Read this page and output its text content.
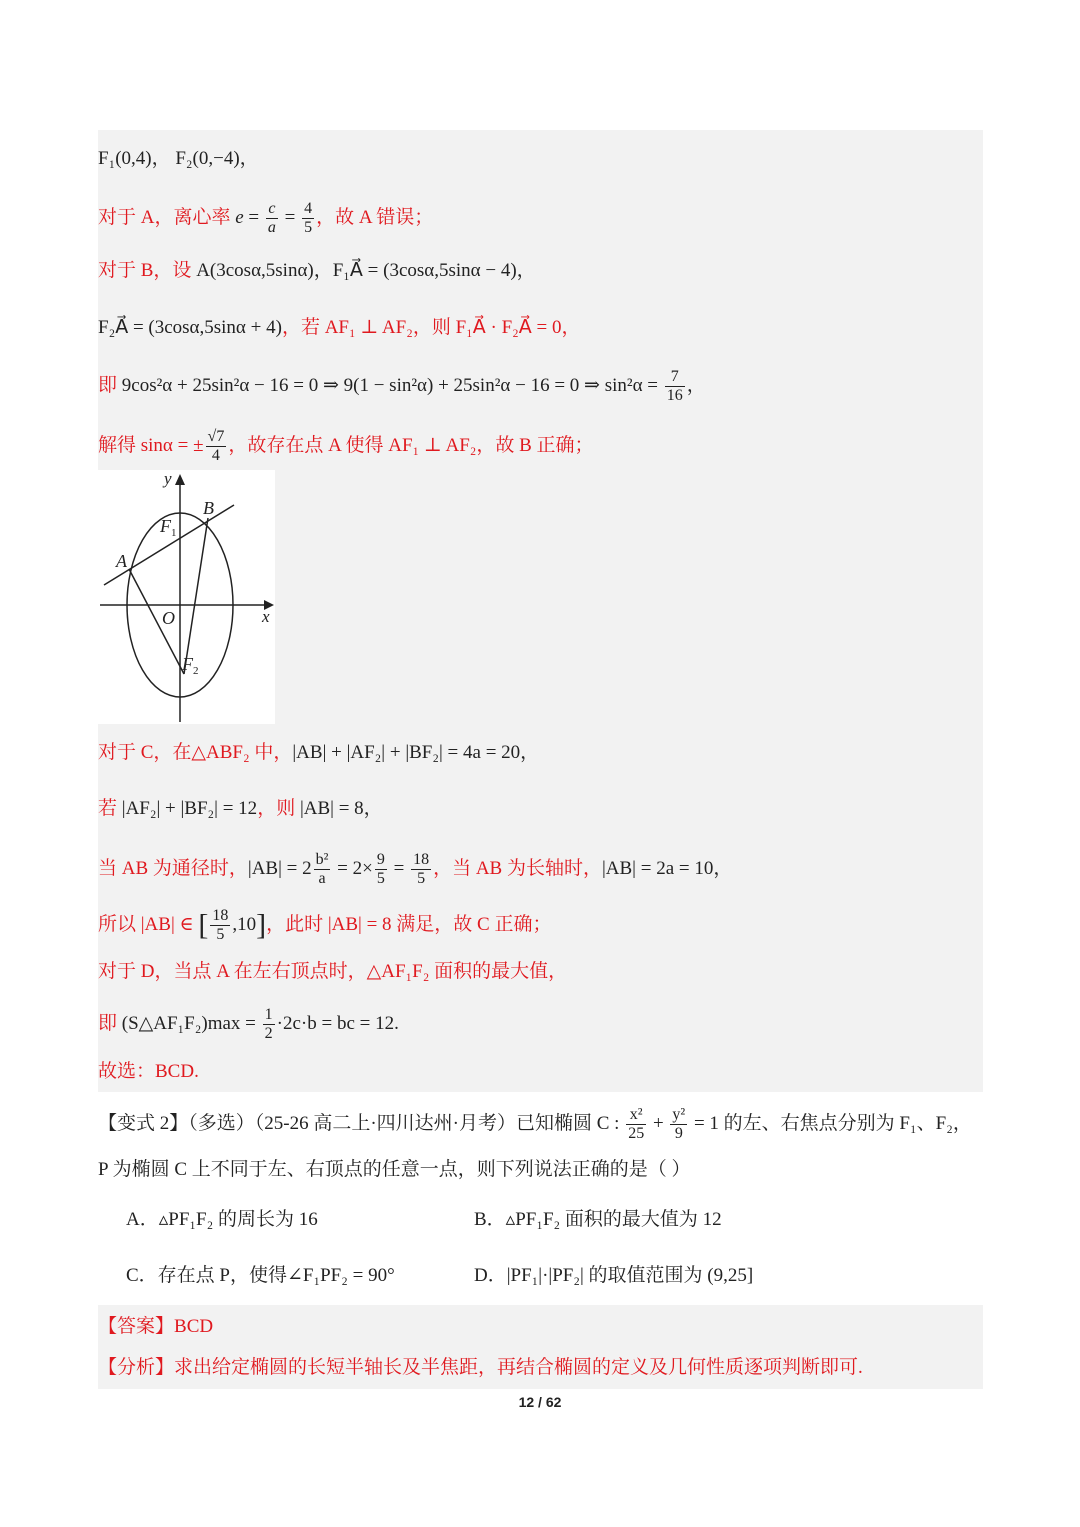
F₁(0,4)， F₂(0,−4)，
对于 A，离心率 $e = \frac{c}{a} = \frac{4}{5}$ ，故 A 错误；
对于 B，设 A(3cosα,5sinα)，F₁A⃗ = (3cosα,5sinα − 4)，
F₂A⃗ = (3cosα,5sinα + 4)，若 AF₁ ⊥ AF₂，则 F₁A⃗ · F₂A⃗ = 0，
即 9cos²α + 25sin²α − 16 = 0 ⇒ 9(1 − sin²α) + 25sin²α − 16 = 0 ⇒ $\sin^2\alpha = \frac{7}{16}$ ，
解得 sinα = ± $\frac{√7}{4}$ ，故存在点 A 使得 AF₁ ⊥ AF₂，故 B 正确；
y
x
O
A
B
$F_1$
$F_2$
对于 C，在△ABF₂ 中，|AB| + |AF₂| + |BF₂| = 4a = 20，
若 |AF₂| + |BF₂| = 12，则 |AB| = 8，
当 AB 为通径时，$|AB| = 2 \frac{\text{b²}}{a} = 2\times \frac{9}{5} = \frac{18}{5}$ ，当 AB 为长轴时，|AB| = 2a = 10，
所以 |AB| ∈ [ $\frac{18}{5} ,10$]，此时 |AB| = 8 满足，故 C 正确；
对于 D，当点 A 在左右顶点时，△AF₁F₂ 面积的最大值，
即 (S△AF₁F₂)max = $\frac{1}{2} \cdot 2c\cdot b$ = bc = 12.
故选：BCD.
【变式 2】（多选）（25-26 高二上·四川达州·月考）已知椭圆 C : $\frac{\text{x²}}{25} + \frac{\text{y²}}{9} = 1$ 的左、右焦点分别为 F₁、F₂，
P 为椭圆 C 上不同于左、右顶点的任意一点，则下列说法正确的是（ ）
A．▵PF₁F₂ 的周长为 16	B．▵PF₁F₂ 面积的最大值为 12
C．存在点 P，使得∠F₁PF₂ = 90°	D．|PF₁|·|PF₂| 的取值范围为 (9,25]
【答案】BCD
【分析】求出给定椭圆的长短半轴长及半焦距，再结合椭圆的定义及几何性质逐项判断即可.
12 / 62
